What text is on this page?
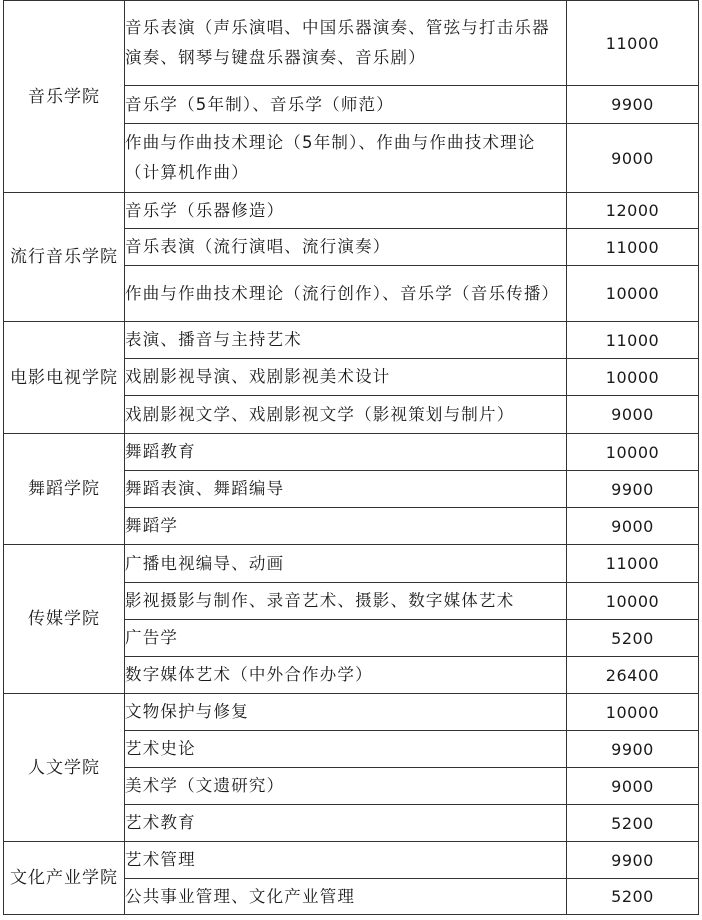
音乐学院	音乐表演（声乐演唱、中国乐器演奏、管弦与打击乐器演奏、钢琴与键盘乐器演奏、音乐剧）	11000
	音乐学（5年制）、音乐学（师范）	9900
	作曲与作曲技术理论（5年制）、作曲与作曲技术理论（计算机作曲）	9000
流行音乐学院	音乐学（乐器修造）	12000
	音乐表演（流行演唱、流行演奏）	11000
	作曲与作曲技术理论（流行创作）、音乐学（音乐传播）	10000
电影电视学院	表演、播音与主持艺术	11000
	戏剧影视导演、戏剧影视美术设计	10000
	戏剧影视文学、戏剧影视文学（影视策划与制片）	9000
舞蹈学院	舞蹈教育	10000
	舞蹈表演、舞蹈编导	9900
	舞蹈学	9000
传媒学院	广播电视编导、动画	11000
	影视摄影与制作、录音艺术、摄影、数字媒体艺术	10000
	广告学	5200
	数字媒体艺术（中外合作办学）	26400
人文学院	文物保护与修复	10000
	艺术史论	9900
	美术学（文遗研究）	9000
	艺术教育	5200
文化产业学院	艺术管理	9900
	公共事业管理、文化产业管理	5200
